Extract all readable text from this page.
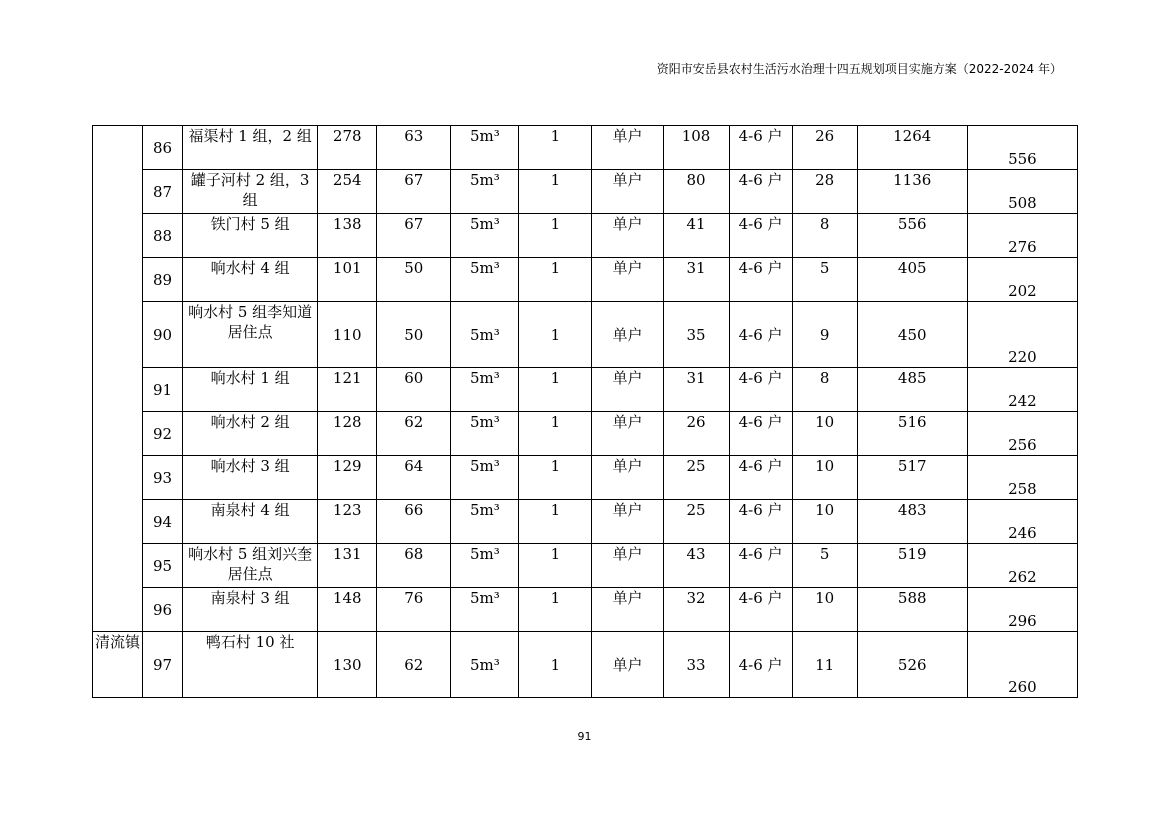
资阳市安岳县农村生活污水治理十四五规划项目实施方案（2022-2024 年）
	86	福渠村 1 组，2 组	278	63	5m³	1	单户	108	4-6 户	26	1264	556
	87	罐子河村 2 组，3 组	254	67	5m³	1	单户	80	4-6 户	28	1136	508
	88	铁门村 5 组	138	67	5m³	1	单户	41	4-6 户	8	556	276
	89	响水村 4 组	101	50	5m³	1	单户	31	4-6 户	5	405	202
	90	响水村 5 组李知道居住点	110	50	5m³	1	单户	35	4-6 户	9	450	220
	91	响水村 1 组	121	60	5m³	1	单户	31	4-6 户	8	485	242
	92	响水村 2 组	128	62	5m³	1	单户	26	4-6 户	10	516	256
	93	响水村 3 组	129	64	5m³	1	单户	25	4-6 户	10	517	258
	94	南泉村 4 组	123	66	5m³	1	单户	25	4-6 户	10	483	246
	95	响水村 5 组刘兴奎居住点	131	68	5m³	1	单户	43	4-6 户	5	519	262
	96	南泉村 3 组	148	76	5m³	1	单户	32	4-6 户	10	588	296
清流镇	97	鸭石村 10 社	130	62	5m³	1	单户	33	4-6 户	11	526	260
91
